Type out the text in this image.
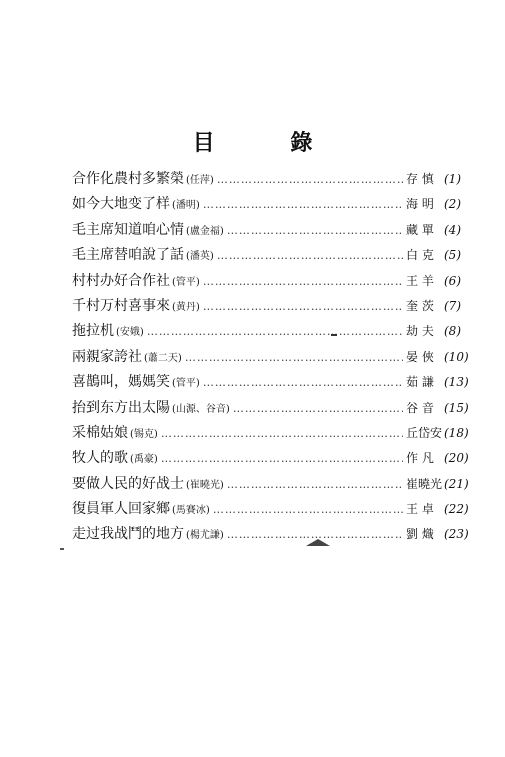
目 錄
合作化農村多繁榮 (任萍) ……………………………………………………………………………………………………………………	存 慎 (1)
如今大地变了样 (潘明) ……………………………………………………………………………………………………………………	海 明 (2)
毛主席知道咱心情 (盧金福) ……………………………………………………………………………………………………………………	藏 單 (4)
毛主席替咱說了話 (潘英) ……………………………………………………………………………………………………………………	白 克 (5)
村村办好合作社 (管平) ……………………………………………………………………………………………………………………	王 羊 (6)
千村万村喜事來 (黄丹) ……………………………………………………………………………………………………………………	奎 茨 (7)
拖拉机 (安娥) ……………………………………………………………………………………………………………………	劫 夫 (8)
兩親家誇社 (蕭二天) ……………………………………………………………………………………………………………………	晏 俠 (10)
喜鵲叫，媽媽笑 (管平) ……………………………………………………………………………………………………………………	茹 謙 (13)
抬到东方出太陽 (山源、谷音) ……………………………………………………………………………………………………………………	谷 音 (15)
采棉姑娘 (锡克) ……………………………………………………………………………………………………………………	丘岱安 (18)
牧人的歌 (禹豪) ……………………………………………………………………………………………………………………	作 凡 (20)
要做人民的好战士 (崔曉光) ……………………………………………………………………………………………………………………	崔曉光 (21)
復員軍人回家鄉 (馬賽冰) ……………………………………………………………………………………………………………………	王 卓 (22)
走过我战鬥的地方 (楊尤謙) ……………………………………………………………………………………………………………………	劉 熾 (23)
